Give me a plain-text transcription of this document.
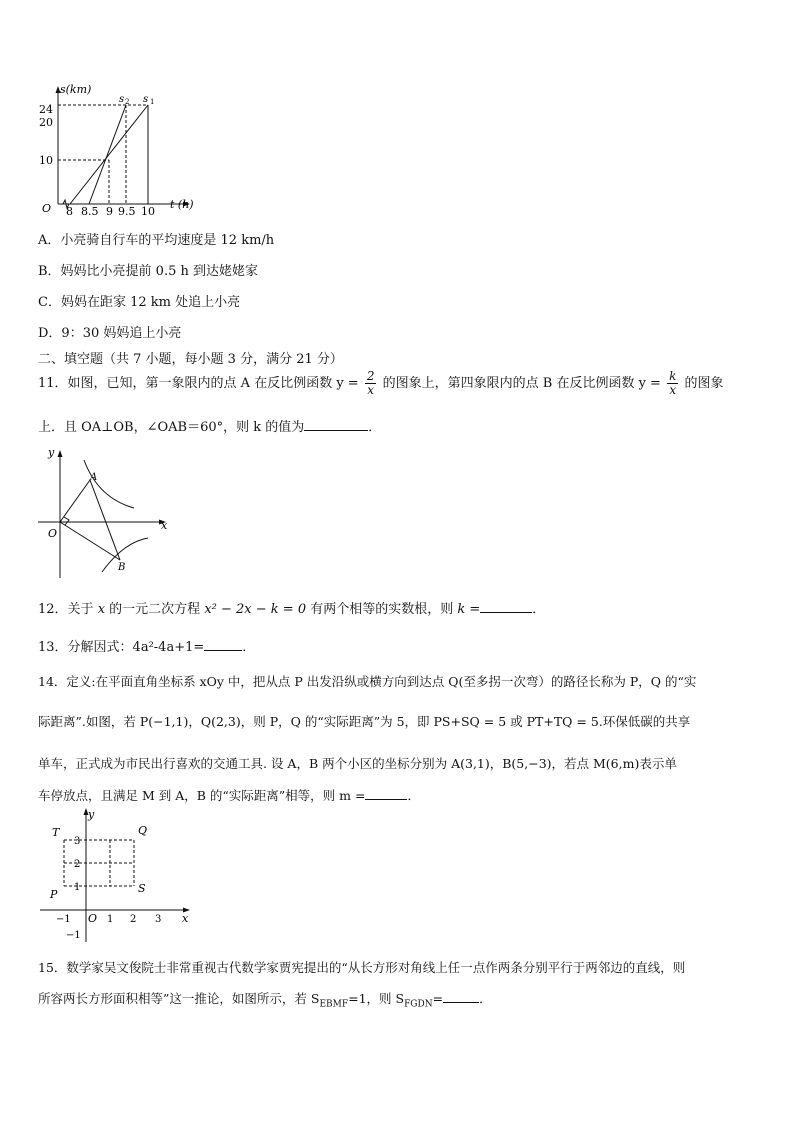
s(km)
t (h)
O
s 2 s 1
24
20
10
8 8.5 9 9.5 10
A．小亮骑自行车的平均速度是 12 km/h
B．妈妈比小亮提前 0.5 h 到达姥姥家
C．妈妈在距家 12 km 处追上小亮
D．9：30 妈妈追上小亮
二、填空题（共 7 小题，每小题 3 分，满分 21 分）
11．如图，已知，第一象限内的点 A 在反比例函数 $y = \frac{2}{x}$ 的图象上，第四象限内的点 B 在反比例函数 $y = \frac{k}{x}$ 的图象
上．且 OA⊥OB，∠OAB＝60°，则 k 的值为	．
y
x
O
A
B
12．关于 x 的一元二次方程 x² − 2x − k = 0 有两个相等的实数根，则 k =	．
13．分解因式：4a²-4a+1=	．
14．定义:在平面直角坐标系 xOy 中，把从点 P 出发沿纵或横方向到达点 Q(至多拐一次弯）的路径长称为 P，Q 的“实
际距离”.如图，若 P(−1,1)，Q(2,3)，则 P，Q 的“实际距离”为 5，即 PS+SQ = 5 或 PT+TQ = 5.环保低碳的共享
单车，正式成为市民出行喜欢的交通工具. 设 A，B 两个小区的坐标分别为 A(3,1)，B(5,−3)，若点 M(6,m)表示单
车停放点，且满足 M 到 A，B 的“实际距离”相等，则 m =	．
y
x
O
T	Q
P	S
3
2
1
−1
−1	1 2 3
15．数学家吴文俊院士非常重视古代数学家贾宪提出的“从长方形对角线上任一点作两条分别平行于两邻边的直线，则
所容两长方形面积相等”这一推论，如图所示，若 $S_{EBMF}=1$，则 $S_{FGDN}=$	．
